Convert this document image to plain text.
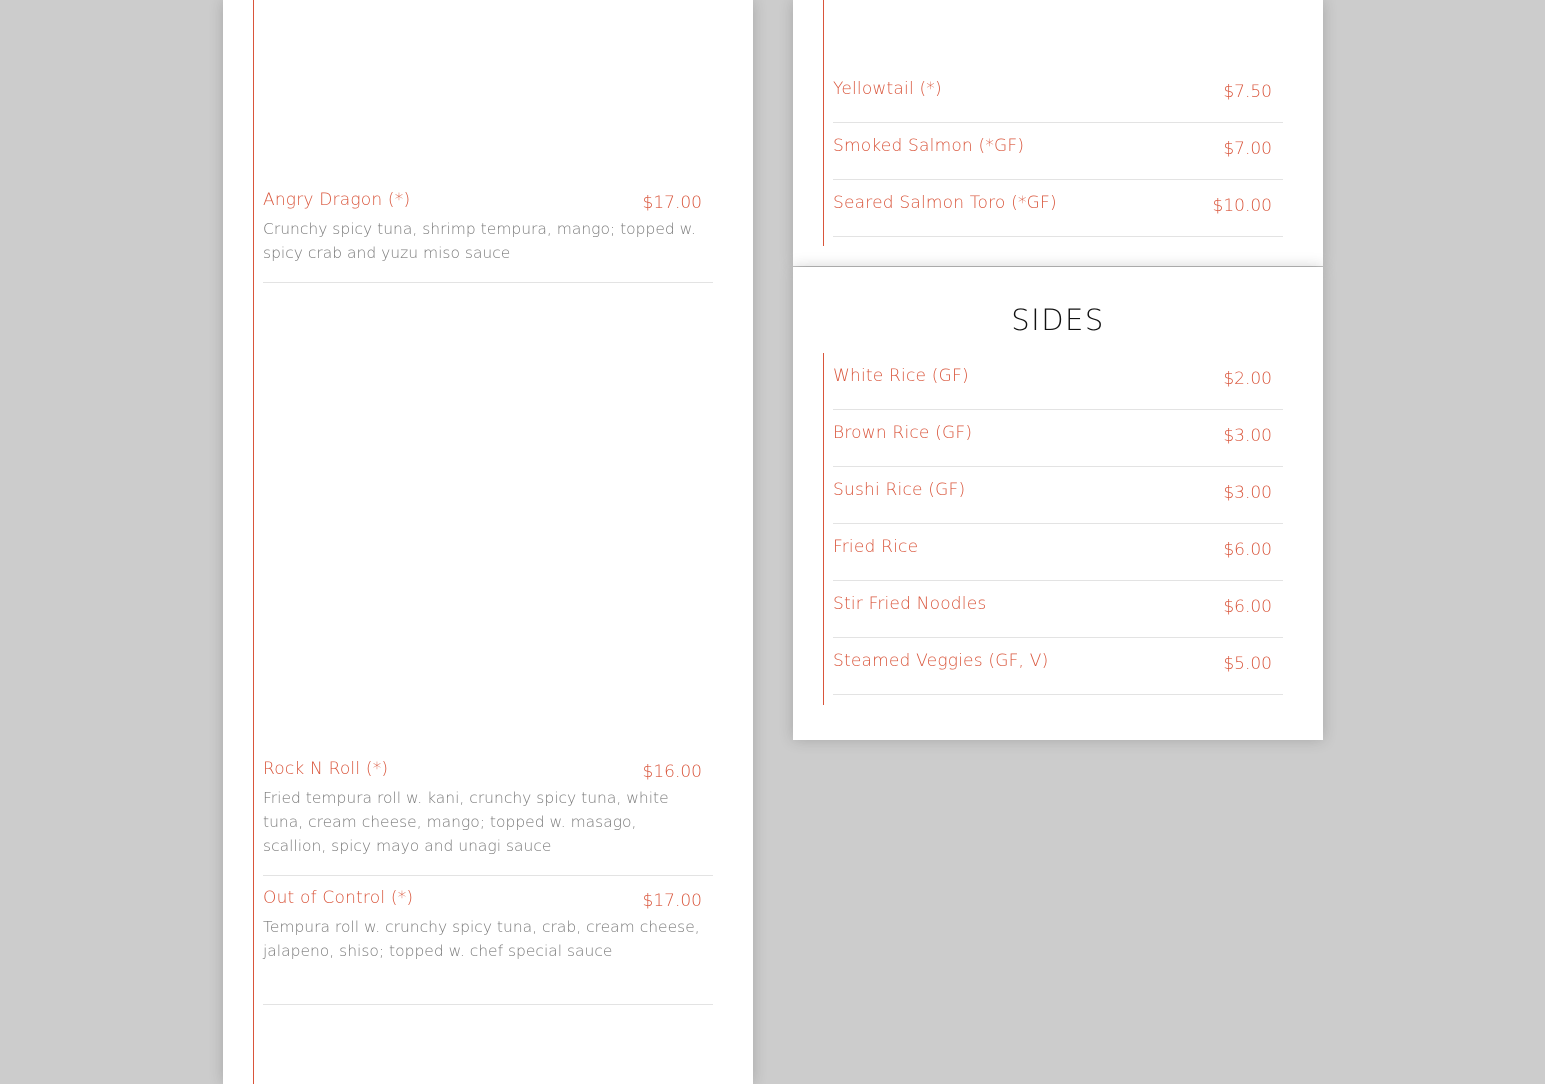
Angry Dragon (*)	$17.00
Crunchy spicy tuna, shrimp tempura, mango; topped w. spicy crab and yuzu miso sauce
Rock N Roll (*)	$16.00
Fried tempura roll w. kani, crunchy spicy tuna, white tuna, cream cheese, mango; topped w. masago, scallion, spicy mayo and unagi sauce
Out of Control (*)	$17.00
Tempura roll w. crunchy spicy tuna, crab, cream cheese, jalapeno, shiso; topped w. chef special sauce
Yellowtail (*)	$7.50
Smoked Salmon (*GF)	$7.00
Seared Salmon Toro (*GF)	$10.00
SIDES
White Rice (GF)	$2.00
Brown Rice (GF)	$3.00
Sushi Rice (GF)	$3.00
Fried Rice	$6.00
Stir Fried Noodles	$6.00
Steamed Veggies (GF, V)	$5.00
